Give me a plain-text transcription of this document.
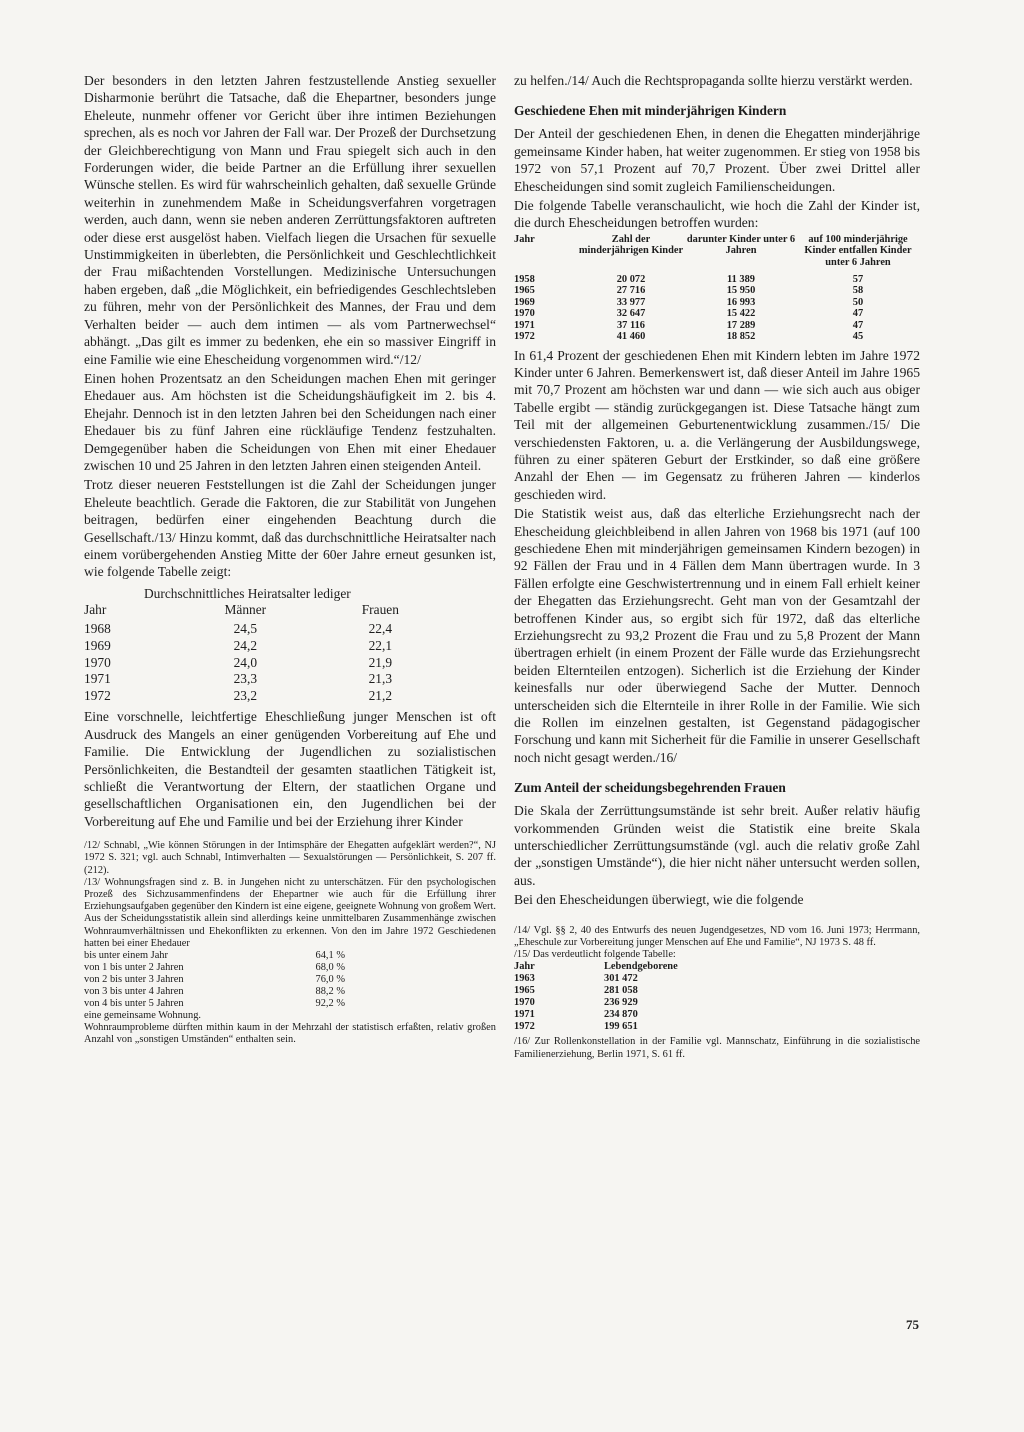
Der besonders in den letzten Jahren festzustellende Anstieg sexueller Disharmonie berührt die Tatsache, daß die Ehepartner, besonders junge Eheleute, nunmehr offener vor Gericht über ihre intimen Beziehungen sprechen, als es noch vor Jahren der Fall war. Der Prozeß der Durchsetzung der Gleichberechtigung von Mann und Frau spiegelt sich auch in den Forderungen wider, die beide Partner an die Erfüllung ihrer sexuellen Wünsche stellen. Es wird für wahrscheinlich gehalten, daß sexuelle Gründe weiterhin in zunehmendem Maße in Scheidungsverfahren vorgetragen werden, auch dann, wenn sie neben anderen Zerrüttungsfaktoren auftreten oder diese erst ausgelöst haben. Vielfach liegen die Ursachen für sexuelle Unstimmigkeiten in überlebten, die Persönlichkeit und Geschlechtlichkeit der Frau mißachtenden Vorstellungen. Medizinische Untersuchungen haben ergeben, daß „die Möglichkeit, ein befriedigendes Geschlechtsleben zu führen, mehr von der Persönlichkeit des Mannes, der Frau und dem Verhalten beider — auch dem intimen — als vom Partnerwechsel“ abhängt. „Das gilt es immer zu bedenken, ehe ein so massiver Eingriff in eine Familie wie eine Ehescheidung vorgenommen wird.“/12/

Einen hohen Prozentsatz an den Scheidungen machen Ehen mit geringer Ehedauer aus. Am höchsten ist die Scheidungshäufigkeit im 2. bis 4. Ehejahr. Dennoch ist in den letzten Jahren bei den Scheidungen nach einer Ehedauer bis zu fünf Jahren eine rückläufige Tendenz festzuhalten. Demgegenüber haben die Scheidungen von Ehen mit einer Ehedauer zwischen 10 und 25 Jahren in den letzten Jahren einen steigenden Anteil.

Trotz dieser neueren Feststellungen ist die Zahl der Scheidungen junger Eheleute beachtlich. Gerade die Faktoren, die zur Stabilität von Jungehen beitragen, bedürfen einer eingehenden Beachtung durch die Gesellschaft./13/ Hinzu kommt, daß das durchschnittliche Heiratsalter nach einem vorübergehenden Anstieg Mitte der 60er Jahre erneut gesunken ist, wie folgende Tabelle zeigt:

Durchschnittliches Heiratsalter lediger
Jahr	Männer	Frauen

1968	24,5	22,4
1969	24,2	22,1
1970	24,0	21,9
1971	23,3	21,3
1972	23,2	21,2

Eine vorschnelle, leichtfertige Eheschließung junger Menschen ist oft Ausdruck des Mangels an einer genügenden Vorbereitung auf Ehe und Familie. Die Entwicklung der Jugendlichen zu sozialistischen Persönlichkeiten, die Bestandteil der gesamten staatlichen Tätigkeit ist, schließt die Verantwortung der Eltern, der staatlichen Organe und gesellschaftlichen Organisationen ein, den Jugendlichen bei der Vorbereitung auf Ehe und Familie und bei der Erziehung ihrer Kinder

/12/ Schnabl, „Wie können Störungen in der Intimsphäre der Ehegatten aufgeklärt werden?“, NJ 1972 S. 321; vgl. auch Schnabl, Intimverhalten — Sexualstörungen — Persönlichkeit, S. 207 ff. (212).

/13/ Wohnungsfragen sind z. B. in Jungehen nicht zu unterschätzen. Für den psychologischen Prozeß des Sichzusammenfindens der Ehepartner wie auch für die Erfüllung ihrer Erziehungsaufgaben gegenüber den Kindern ist eine eigene, geeignete Wohnung von großem Wert.

Aus der Scheidungsstatistik allein sind allerdings keine unmittelbaren Zusammenhänge zwischen Wohnraumverhältnissen und Ehekonflikten zu erkennen. Von den im Jahre 1972 Geschiedenen hatten bei einer Ehedauer

bis unter einem Jahr	64,1 %
von 1 bis unter 2 Jahren	68,0 %
von 2 bis unter 3 Jahren	76,0 %
von 3 bis unter 4 Jahren	88,2 %
von 4 bis unter 5 Jahren	92,2 %

eine gemeinsame Wohnung.

Wohnraumprobleme dürften mithin kaum in der Mehrzahl der statistisch erfaßten, relativ großen Anzahl von „sonstigen Umständen“ enthalten sein.

zu helfen./14/ Auch die Rechtspropaganda sollte hierzu verstärkt werden.

Geschiedene Ehen mit minderjährigen Kindern

Der Anteil der geschiedenen Ehen, in denen die Ehegatten minderjährige gemeinsame Kinder haben, hat weiter zugenommen. Er stieg von 1958 bis 1972 von 57,1 Prozent auf 70,7 Prozent. Über zwei Drittel aller Ehescheidungen sind somit zugleich Familienscheidungen.

Die folgende Tabelle veranschaulicht, wie hoch die Zahl der Kinder ist, die durch Ehescheidungen betroffen wurden:

Jahr	Zahl der minderjährigen Kinder	darunter Kinder unter 6 Jahren	auf 100 minderjährige Kinder entfallen Kinder unter 6 Jahren

1958	20 072	11 389	57
1965	27 716	15 950	58
1969	33 977	16 993	50
1970	32 647	15 422	47
1971	37 116	17 289	47
1972	41 460	18 852	45

In 61,4 Prozent der geschiedenen Ehen mit Kindern lebten im Jahre 1972 Kinder unter 6 Jahren. Bemerkenswert ist, daß dieser Anteil im Jahre 1965 mit 70,7 Prozent am höchsten war und dann — wie sich auch aus obiger Tabelle ergibt — ständig zurückgegangen ist. Diese Tatsache hängt zum Teil mit der allgemeinen Geburtenentwicklung zusammen./15/ Die verschiedensten Faktoren, u. a. die Verlängerung der Ausbildungswege, führen zu einer späteren Geburt der Erstkinder, so daß eine größere Anzahl der Ehen — im Gegensatz zu früheren Jahren — kinderlos geschieden wird.

Die Statistik weist aus, daß das elterliche Erziehungsrecht nach der Ehescheidung gleichbleibend in allen Jahren von 1968 bis 1971 (auf 100 geschiedene Ehen mit minderjährigen gemeinsamen Kindern bezogen) in 92 Fällen der Frau und in 4 Fällen dem Mann übertragen wurde. In 3 Fällen erfolgte eine Geschwistertrennung und in einem Fall erhielt keiner der Ehegatten das Erziehungsrecht. Geht man von der Gesamtzahl der betroffenen Kinder aus, so ergibt sich für 1972, daß das elterliche Erziehungsrecht zu 93,2 Prozent die Frau und zu 5,8 Prozent der Mann übertragen erhielt (in einem Prozent der Fälle wurde das Erziehungsrecht beiden Elternteilen entzogen). Sicherlich ist die Erziehung der Kinder keinesfalls nur oder überwiegend Sache der Mutter. Dennoch unterscheiden sich die Elternteile in ihrer Rolle in der Familie. Wie sich die Rollen im einzelnen gestalten, ist Gegenstand pädagogischer Forschung und kann mit Sicherheit für die Familie in unserer Gesellschaft noch nicht gesagt werden./16/

Zum Anteil der scheidungsbegehrenden Frauen

Die Skala der Zerrüttungsumstände ist sehr breit. Außer relativ häufig vorkommenden Gründen weist die Statistik eine breite Skala unterschiedlicher Zerrüttungsumstände (vgl. auch die relativ große Zahl der „sonstigen Umstände“), die hier nicht näher untersucht werden sollen, aus.

Bei den Ehescheidungen überwiegt, wie die folgende

/14/ Vgl. §§ 2, 40 des Entwurfs des neuen Jugendgesetzes, ND vom 16. Juni 1973; Herrmann, „Eheschule zur Vorbereitung junger Menschen auf Ehe und Familie“, NJ 1973 S. 48 ff.

/15/ Das verdeutlicht folgende Tabelle:

Jahr	Lebendgeborene
1963	301 472
1965	281 058
1970	236 929
1971	234 870
1972	199 651

/16/ Zur Rollenkonstellation in der Familie vgl. Mannschatz, Einführung in die sozialistische Familienerziehung, Berlin 1971, S. 61 ff.

75
